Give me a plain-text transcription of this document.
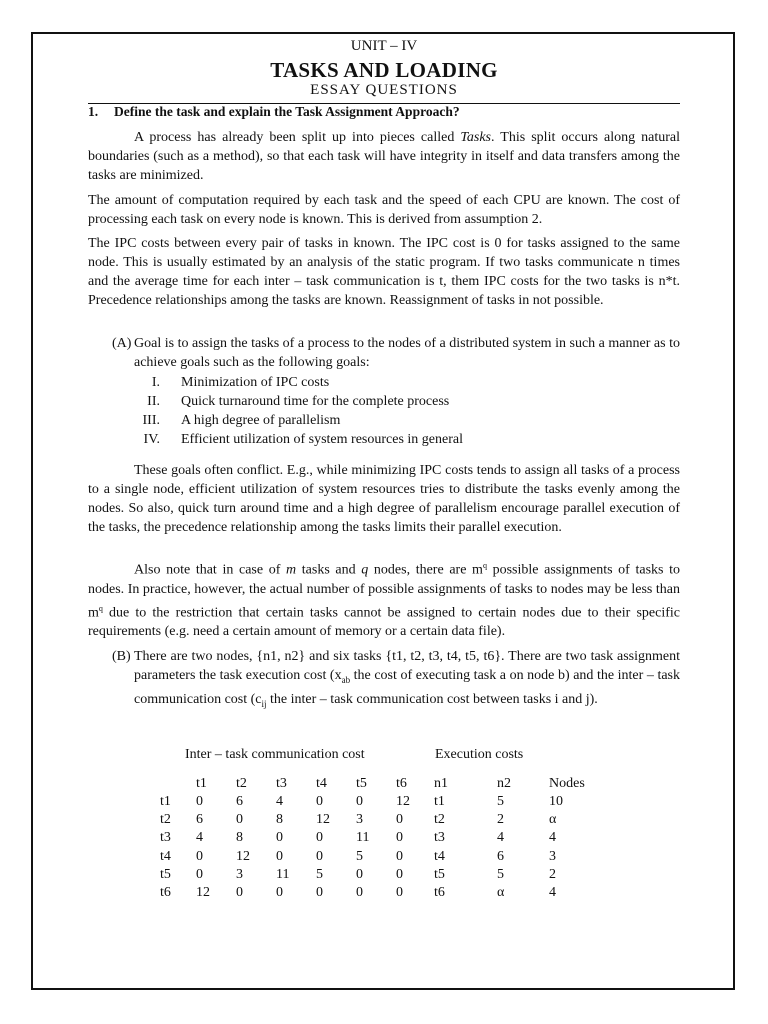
UNIT – IV
TASKS AND LOADING
ESSAY QUESTIONS
1. Define the task and explain the Task Assignment Approach?

A process has already been split up into pieces called Tasks. This split occurs along natural boundaries (such as a method), so that each task will have integrity in itself and data transfers among the tasks are minimized.

The amount of computation required by each task and the speed of each CPU are known. The cost of processing each task on every node is known. This is derived from assumption 2.

The IPC costs between every pair of tasks in known. The IPC cost is 0 for tasks assigned to the same node. This is usually estimated by an analysis of the static program. If two tasks communicate n times and the average time for each inter – task communication is t, them IPC costs for the two tasks is n*t. Precedence relationships among the tasks are known. Reassignment of tasks in not possible.

(A) Goal is to assign the tasks of a process to the nodes of a distributed system in such a manner as to achieve goals such as the following goals:
I. Minimization of IPC costs
II. Quick turnaround time for the complete process
III. A high degree of parallelism
IV. Efficient utilization of system resources in general

These goals often conflict. E.g., while minimizing IPC costs tends to assign all tasks of a process to a single node, efficient utilization of system resources tries to distribute the tasks evenly among the nodes. So also, quick turn around time and a high degree of parallelism encourage parallel execution of the tasks, the precedence relationship among the tasks limits their parallel execution.

Also note that in case of m tasks and q nodes, there are $m^q$ possible assignments of tasks to nodes. In practice, however, the actual number of possible assignments of tasks to nodes may be less than $m^q$ due to the restriction that certain tasks cannot be assigned to certain nodes due to their specific requirements (e.g. need a certain amount of memory or a certain data file).

(B) There are two nodes, {n1, n2} and six tasks {t1, t2, t3, t4, t5, t6}. There are two task assignment parameters the task execution cost ($x_{ab}$ the cost of executing task a on node b) and the inter – task communication cost ($c_{ij}$ the inter – task communication cost between tasks i and j).
Inter – task communication cost	Execution costs
t1 t2 t3 t4 t5 t6 n1	n2	Nodes
t1 0 6 4 0 0 12
t2 6 0 8 12 3 0
t3 4 8 0 0 11 0
t4 0 12 0 0 5 0
t5 0 3 11 5 0 0
t6 12 0 0 0 0 0
t1	5	10
t2	2	α
t3	4	4
t4	6	3
t5	5	2
t6	α	4
